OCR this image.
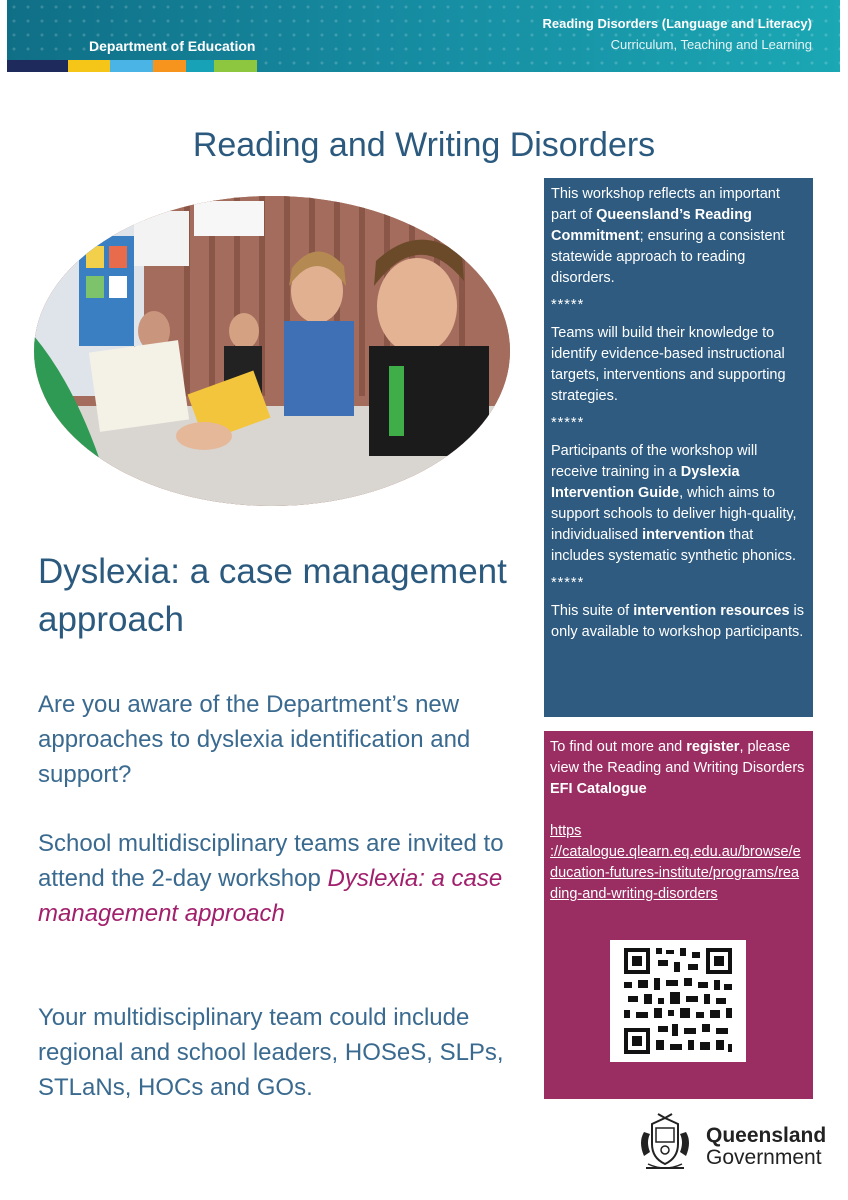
Department of Education
Reading Disorders (Language and Literacy)
Curriculum, Teaching and Learning
Reading and Writing Disorders
Dyslexia: a case management approach
Are you aware of the Department’s new approaches to dyslexia identification and support?
School multidisciplinary teams are invited to attend the 2-day workshop Dyslexia: a case management approach
Your multidisciplinary team could include regional and school leaders, HOSeS, SLPs, STLaNs, HOCs and GOs.

This workshop reflects an important part of Queensland’s Reading Commitment; ensuring a consistent statewide approach to reading disorders.

*****

Teams will build their knowledge to identify evidence-based instructional targets, interventions and supporting strategies.

*****

Participants of the workshop will receive training in a Dyslexia Intervention Guide, which aims to support schools to deliver high-quality, individualised intervention that includes systematic synthetic phonics.

*****

This suite of intervention resources is only available to workshop participants.

To find out more and register, please view the Reading and Writing Disorders EFI Catalogue

https
://catalogue.qlearn.eq.edu.au/browse/education-futures-institute/programs/reading-and-writing-disorders

Queensland
Government
